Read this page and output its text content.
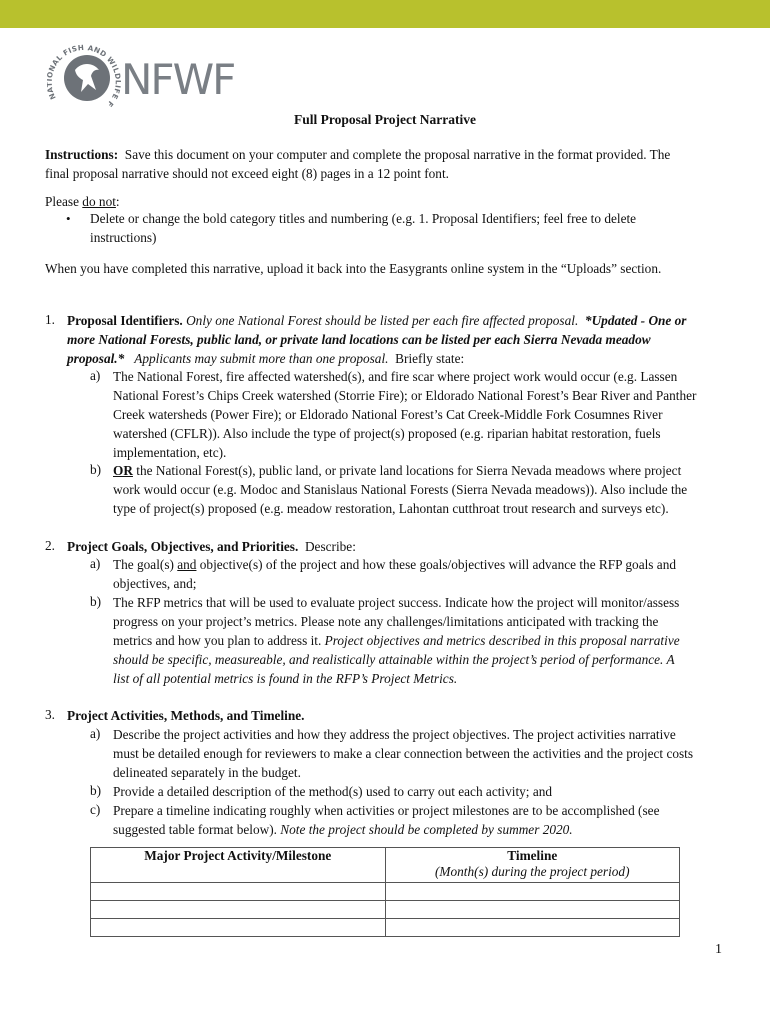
N NAL FISH AND WILDLIFE F
NFWF
Full Proposal Project Narrative
Instructions: Save this document on your computer and complete the proposal narrative in the format provided. The
final proposal narrative should not exceed eight (8) pages in a 12 point font.
Please do not:
• Delete or change the bold category titles and numbering (e.g. 1. Proposal Identifiers; feel free to delete
instructions)
When you have completed this narrative, upload it back into the Easygrants online system in the “Uploads” section.
1. Proposal Identifiers. Only one National Forest should be listed per each fire affected proposal. *Updated - One or
more National Forests, public land, or private land locations can be listed per each Sierra Nevada meadow
proposal.* Applicants may submit more than one proposal. Briefly state:
a) The National Forest, fire affected watershed(s), and fire scar where project work would occur (e.g. Lassen
National Forest’s Chips Creek watershed (Storrie Fire); or Eldorado National Forest’s Bear River and Panther
Creek watersheds (Power Fire); or Eldorado National Forest’s Cat Creek-Middle Fork Cosumnes River
watershed (CFLR)). Also include the type of project(s) proposed (e.g. riparian habitat restoration, fuels
implementation, etc).
b) OR the National Forest(s), public land, or private land locations for Sierra Nevada meadows where project
work would occur (e.g. Modoc and Stanislaus National Forests (Sierra Nevada meadows)). Also include the
type of project(s) proposed (e.g. meadow restoration, Lahontan cutthroat trout research and surveys etc).
2. Project Goals, Objectives, and Priorities. Describe:
a) The goal(s) and objective(s) of the project and how these goals/objectives will advance the RFP goals and
objectives, and;
b) The RFP metrics that will be used to evaluate project success. Indicate how the project will monitor/assess
progress on your project’s metrics. Please note any challenges/limitations anticipated with tracking the
metrics and how you plan to address it. Project objectives and metrics described in this proposal narrative
should be specific, measureable, and realistically attainable within the project’s period of performance. A
list of all potential metrics is found in the RFP’s Project Metrics.
3. Project Activities, Methods, and Timeline.
a) Describe the project activities and how they address the project objectives. The project activities narrative
must be detailed enough for reviewers to make a clear connection between the activities and the project costs
delineated separately in the budget.
b) Provide a detailed description of the method(s) used to carry out each activity; and
c) Prepare a timeline indicating roughly when activities or project milestones are to be accomplished (see
suggested table format below). Note the project should be completed by summer 2020.
Major Project Activity/Milestone	Timeline
(Month(s) during the project period)

1
